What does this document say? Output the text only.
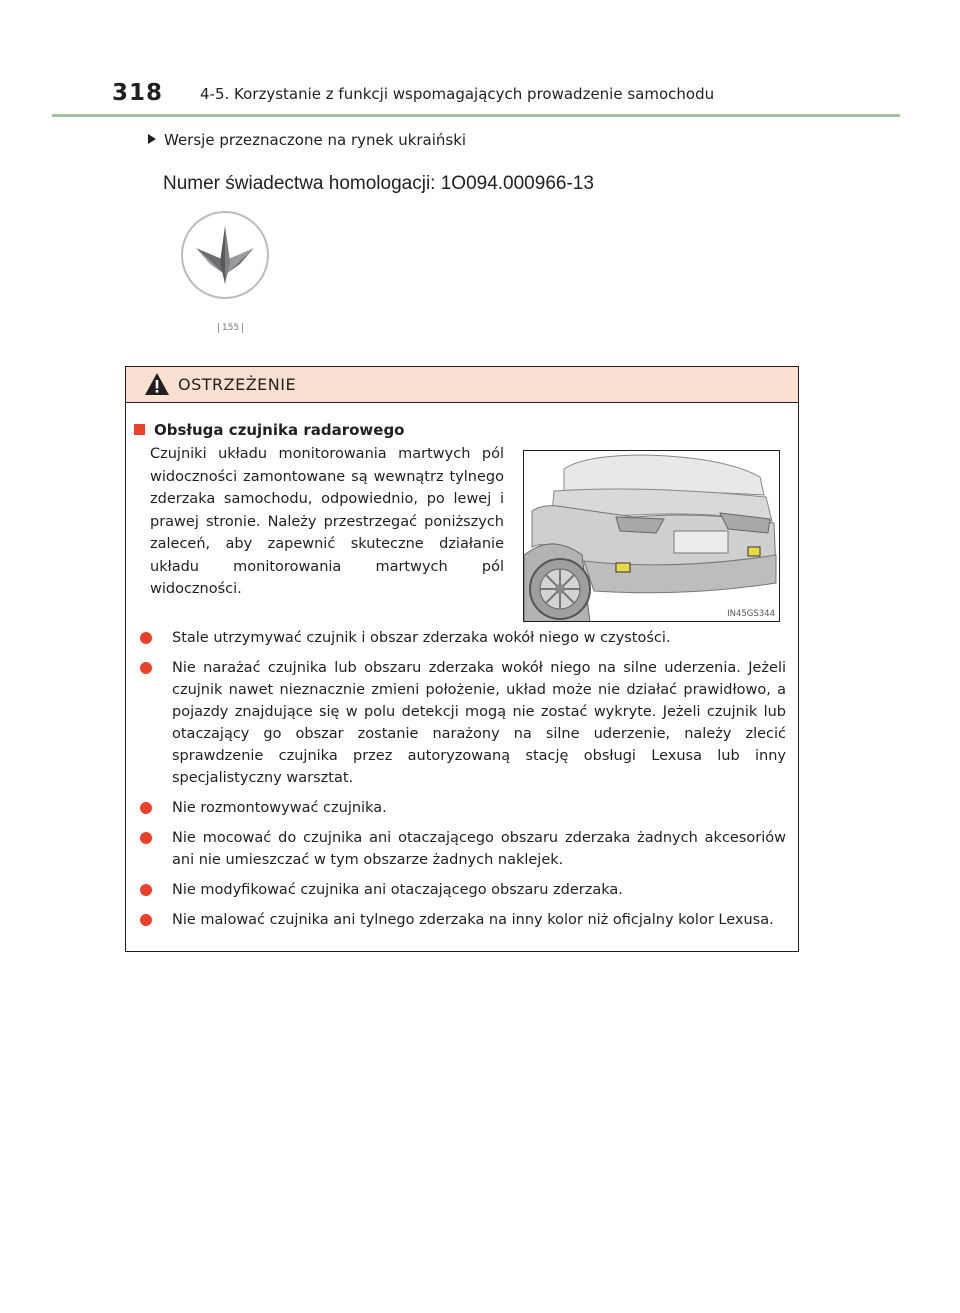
318 4-5. Korzystanie z funkcji wspomagających prowadzenie samochodu
Wersje przeznaczone na rynek ukraiński
Numer świadectwa homologacji: 1O094.000966-13
155
OSTRZEŻENIE
Obsługa czujnika radarowego
Czujniki układu monitorowania martwych pól widoczności zamontowane są wewnątrz tylnego zderzaka samochodu, odpowiednio, po lewej i prawej stronie. Należy przestrzegać poniższych zaleceń, aby zapewnić skuteczne działanie układu monitorowania martwych pól widoczności.
IN45GS344
Stale utrzymywać czujnik i obszar zderzaka wokół niego w czystości.
Nie narażać czujnika lub obszaru zderzaka wokół niego na silne uderzenia. Jeżeli czujnik nawet nieznacznie zmieni położenie, układ może nie działać prawidłowo, a pojazdy znajdujące się w polu detekcji mogą nie zostać wykryte. Jeżeli czujnik lub otaczający go obszar zostanie narażony na silne uderzenie, należy zlecić sprawdzenie czujnika przez autoryzowaną stację obsługi Lexusa lub inny specjalistyczny warsztat.
Nie rozmontowywać czujnika.
Nie mocować do czujnika ani otaczającego obszaru zderzaka żadnych akcesoriów ani nie umieszczać w tym obszarze żadnych naklejek.
Nie modyfikować czujnika ani otaczającego obszaru zderzaka.
Nie malować czujnika ani tylnego zderzaka na inny kolor niż oficjalny kolor Lexusa.
